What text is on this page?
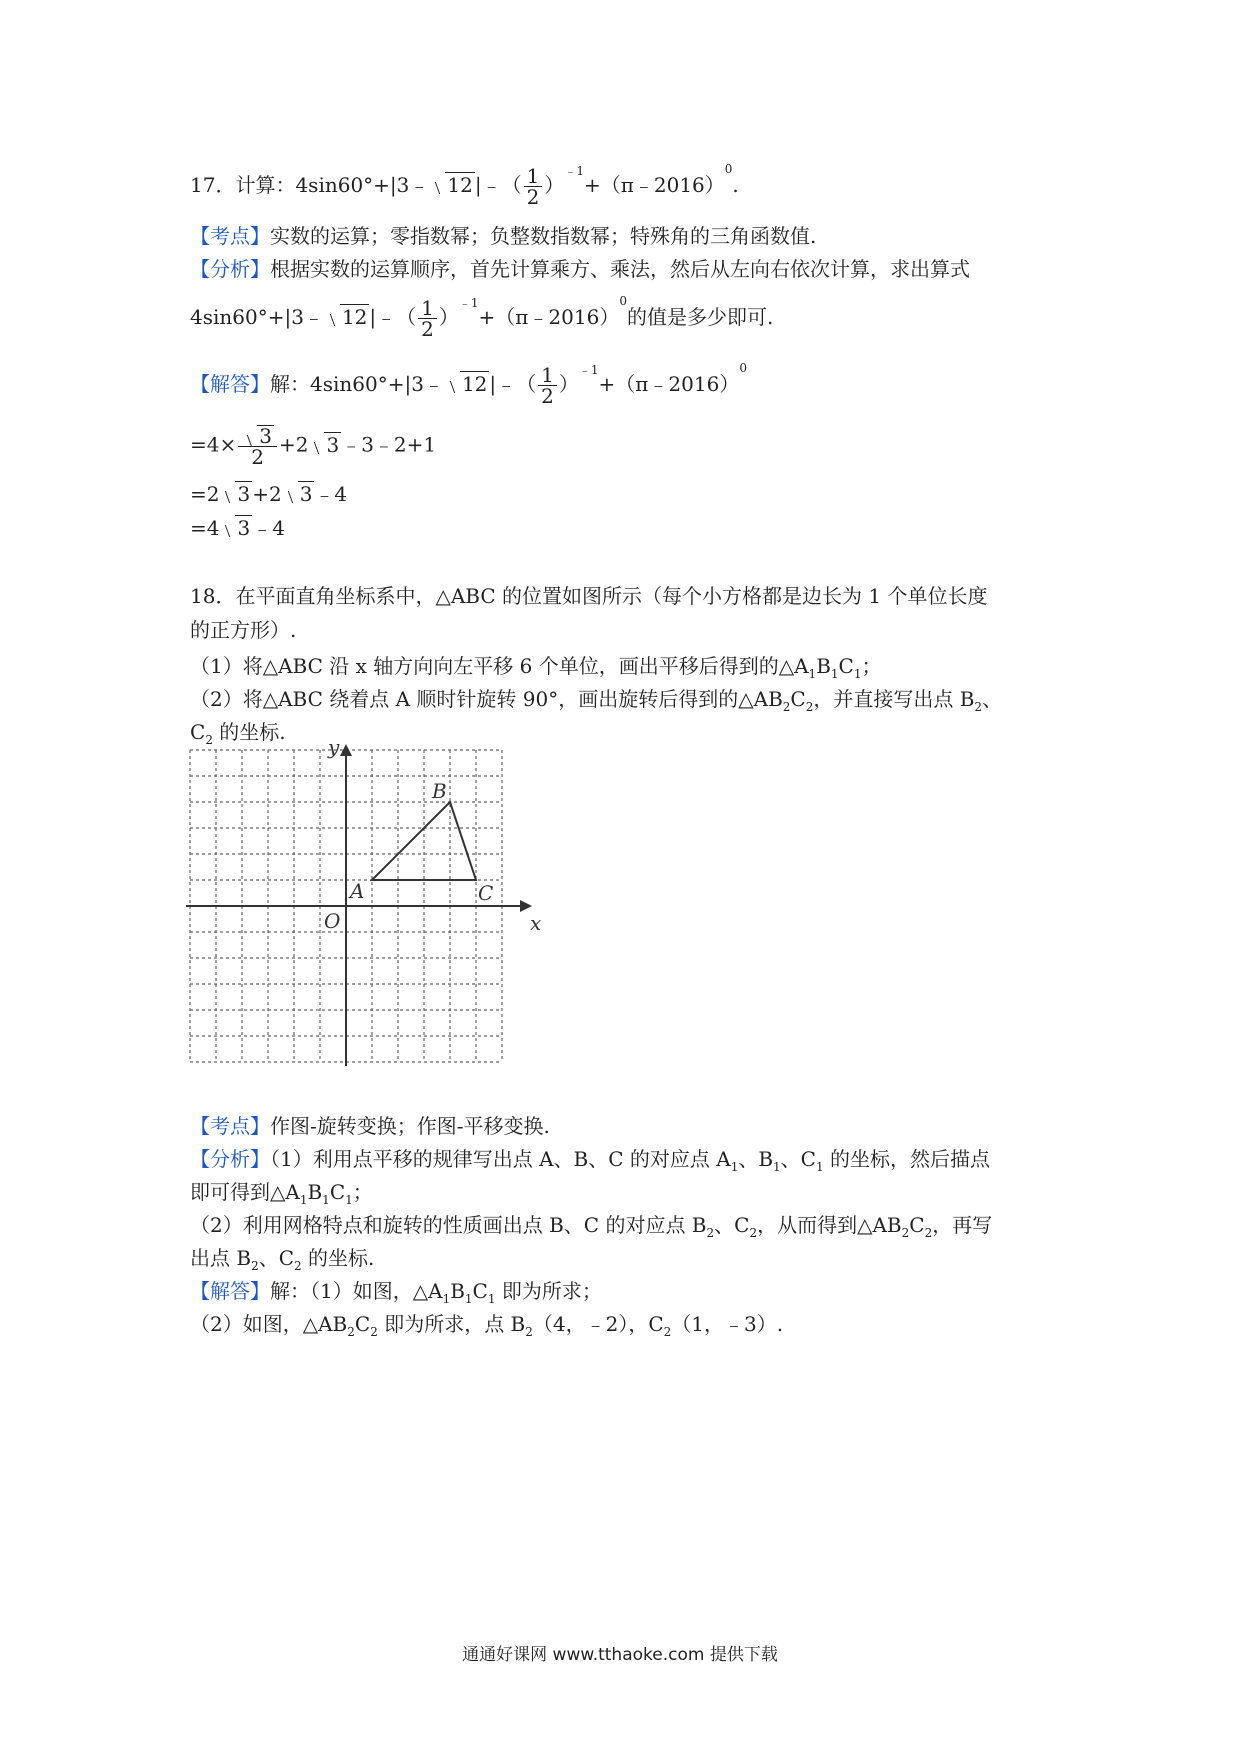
17．计算：4sin60°+|3﹣ 12 |﹣（ $\frac{1}{2}$ ）$^{﹣1}$+（π﹣2016）$^0$.
【考点】实数的运算；零指数幂；负整数指数幂；特殊角的三角函数值.
【分析】根据实数的运算顺序，首先计算乘方、乘法，然后从左向右依次计算，求出算式
4sin60°+|3﹣ 12 |﹣（ $\frac{1}{2}$ ）$^{﹣1}$+（π﹣2016）$^0$的值是多少即可.
【解答】解：4sin60°+|3﹣ 12 |﹣（ $\frac{1}{2}$ ）$^{﹣1}$+（π﹣2016）$^0$
$=4\times \frac{3}{2} +2$ 3 ﹣3﹣2+1
=2 3 +2 3 ﹣4
=4 3 ﹣4
18．在平面直角坐标系中，△ABC 的位置如图所示（每个小方格都是边长为 1 个单位长度
的正方形）.
（1）将△ABC 沿 x 轴方向向左平移 6 个单位，画出平移后得到的$\triangle A_1B_1C_1$；
（2）将△ABC 绕着点 A 顺时针旋转 90°，画出旋转后得到的$\triangle AB_2C_2$，并直接写出点 $B_2$、
$C_2$ 的坐标.
y
x
O
A
B
C
【考点】作图-旋转变换；作图-平移变换.
【分析】（1）利用点平移的规律写出点 A、B、C 的对应点 $A_1$、$B_1$、$C_1$ 的坐标，然后描点
即可得到$\triangle A_1B_1C_1$；
（2）利用网格特点和旋转的性质画出点 B、C 的对应点 $B_2$、$C_2$，从而得到$\triangle AB_2C_2$，再写
出点 $B_2$、$C_2$ 的坐标.
【解答】解：（1）如图，$\triangle A_1B_1C_1$ 即为所求；
（2）如图，$\triangle AB_2C_2$ 即为所求，点 $B_2(4$，﹣2），$C_2(1$，﹣3）.
通通好课网 www.tthaoke.com 提供下载
